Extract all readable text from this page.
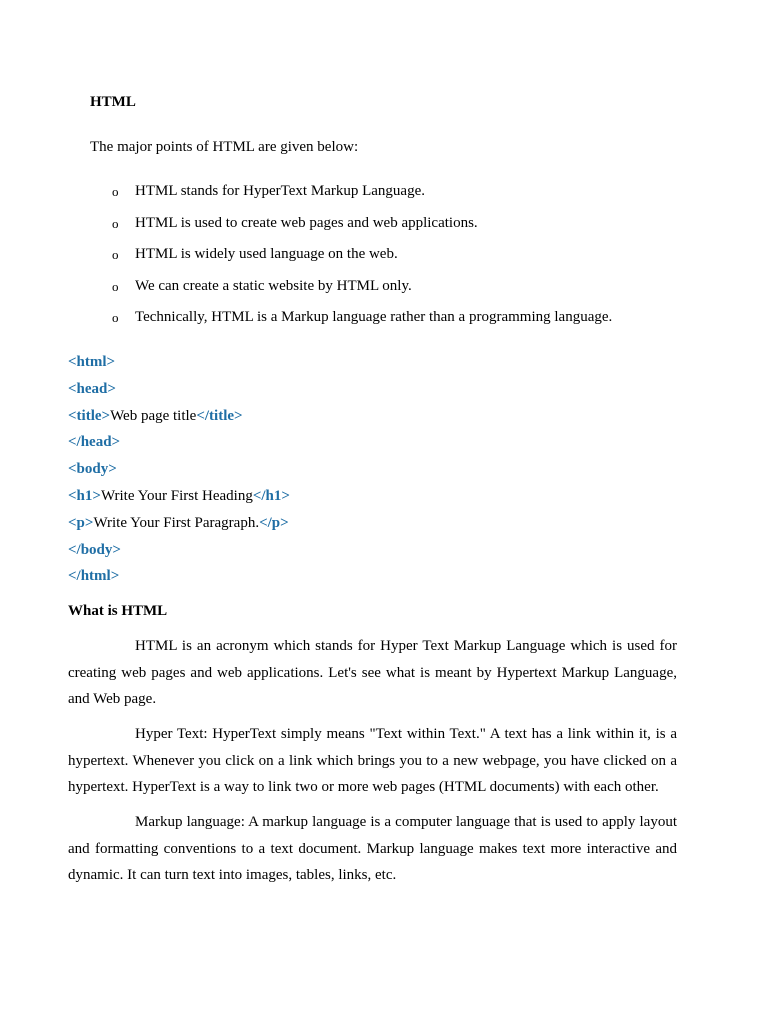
HTML
The major points of HTML are given below:
o HTML stands for HyperText Markup Language.
o HTML is used to create web pages and web applications.
o HTML is widely used language on the web.
o We can create a static website by HTML only.
o Technically, HTML is a Markup language rather than a programming language.
<html>
<head>
<title>Web page title</title>
</head>
<body>
<h1>Write Your First Heading</h1>
<p>Write Your First Paragraph.</p>
</body>
</html>
What is HTML

HTML is an acronym which stands for Hyper Text Markup Language which is used for creating web pages and web applications. Let's see what is meant by Hypertext Markup Language, and Web page.

Hyper Text: HyperText simply means "Text within Text." A text has a link within it, is a hypertext. Whenever you click on a link which brings you to a new webpage, you have clicked on a hypertext. HyperText is a way to link two or more web pages (HTML documents) with each other.

Markup language: A markup language is a computer language that is used to apply layout and formatting conventions to a text document. Markup language makes text more interactive and dynamic. It can turn text into images, tables, links, etc.
